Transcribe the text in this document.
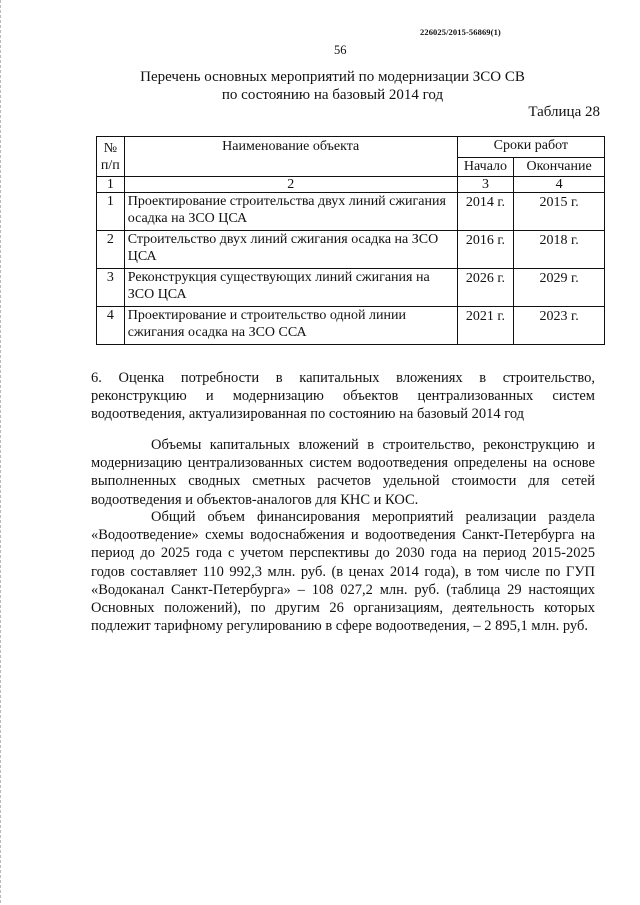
226025/2015-56869(1)
56
Перечень основных мероприятий по модернизации ЗСО СВ
по состоянию на базовый 2014 год
Таблица 28
№ п/п	Наименование объекта	Сроки работ	
		Начало	Окончание
1	2	3	4
1	Проектирование строительства двух линий сжигания осадка на ЗСО ЦСА	2014 г.	2015 г.
2	Строительство двух линий сжигания осадка на ЗСО ЦСА	2016 г.	2018 г.
3	Реконструкция существующих линий сжигания на ЗСО ЦСА	2026 г.	2029 г.
4	Проектирование и строительство одной линии сжигания осадка на ЗСО ССА	2021 г.	2023 г.
6. Оценка потребности в капитальных вложениях в строительство, реконструкцию и модернизацию объектов централизованных систем водоотведения, актуализированная по состоянию на базовый 2014 год
Объемы капитальных вложений в строительство, реконструкцию и модернизацию централизованных систем водоотведения определены на основе выполненных сводных сметных расчетов удельной стоимости для сетей водоотведения и объектов-аналогов для КНС и КОС.
Общий объем финансирования мероприятий реализации раздела «Водоотведение» схемы водоснабжения и водоотведения Санкт-Петербурга на период до 2025 года с учетом перспективы до 2030 года на период 2015-2025 годов составляет 110 992,3 млн. руб. (в ценах 2014 года), в том числе по ГУП «Водоканал Санкт-Петербурга» – 108 027,2 млн. руб. (таблица 29 настоящих Основных положений), по другим 26 организациям, деятельность которых подлежит тарифному регулированию в сфере водоотведения, – 2 895,1 млн. руб.
